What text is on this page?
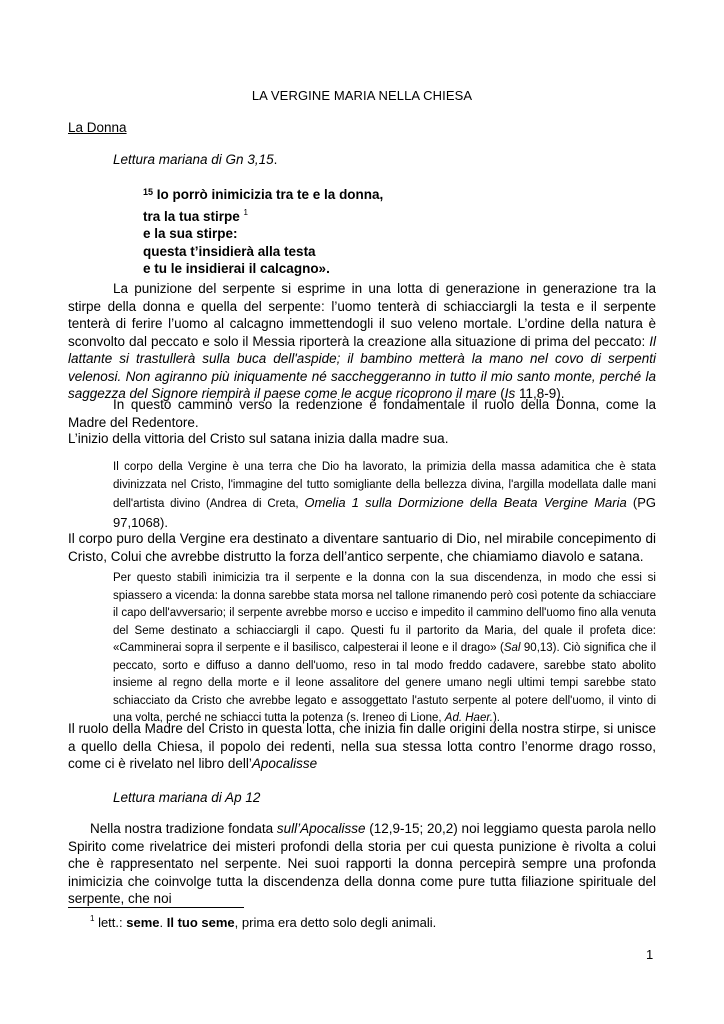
LA VERGINE MARIA NELLA CHIESA
La Donna
Lettura mariana di Gn 3,15.
$^{15}$ Io porrò inimicizia tra te e la donna,
tra la tua stirpe $^1$
e la sua stirpe:
questa t’insidierà alla testa
e tu le insidierai il calcagno».
La punizione del serpente si esprime in una lotta di generazione in generazione tra la stirpe della donna e quella del serpente: l’uomo tenterà di schiacciargli la testa e il serpente tenterà di ferire l’uomo al calcagno immettendogli il suo veleno mortale. L’ordine della natura è sconvolto dal peccato e solo il Messia riporterà la creazione alla situazione di prima del peccato: Il lattante si trastullerà sulla buca dell'aspide; il bambino metterà la mano nel covo di serpenti velenosi. Non agiranno più iniquamente né saccheggeranno in tutto il mio santo monte, perché la saggezza del Signore riempirà il paese come le acque ricoprono il mare (Is 11,8-9).
In questo cammino verso la redenzione è fondamentale il ruolo della Donna, come la Madre del Redentore.
L’inizio della vittoria del Cristo sul satana inizia dalla madre sua.
Il corpo della Vergine è una terra che Dio ha lavorato, la primizia della massa adamitica che è stata divinizzata nel Cristo, l'immagine del tutto somigliante della bellezza divina, l'argilla modellata dalle mani dell'artista divino (Andrea di Creta, Omelia 1 sulla Dormizione della Beata Vergine Maria (PG 97,1068).
Il corpo puro della Vergine era destinato a diventare santuario di Dio, nel mirabile concepimento di Cristo, Colui che avrebbe distrutto la forza dell’antico serpente, che chiamiamo diavolo e satana.
Per questo stabilì inimicizia tra il serpente e la donna con la sua discendenza, in modo che essi si spiassero a vicenda: la donna sarebbe stata morsa nel tallone rimanendo però così potente da schiacciare il capo dell'avversario; il serpente avrebbe morso e ucciso e impedito il cammino dell'uomo fino alla venuta del Seme destinato a schiacciargli il capo. Questi fu il partorito da Maria, del quale il profeta dice: «Camminerai sopra il serpente e il basilisco, calpesterai il leone e il drago» (Sal 90,13). Ciò significa che il peccato, sorto e diffuso a danno dell'uomo, reso in tal modo freddo cadavere, sarebbe stato abolito insieme al regno della morte e il leone assalitore del genere umano negli ultimi tempi sarebbe stato schiacciato da Cristo che avrebbe legato e assoggettato l'astuto serpente al potere dell'uomo, il vinto di una volta, perché ne schiacci tutta la potenza (s. Ireneo di Lione, Ad. Haer.).
Il ruolo della Madre del Cristo in questa lotta, che inizia fin dalle origini della nostra stirpe, si unisce a quello della Chiesa, il popolo dei redenti, nella sua stessa lotta contro l’enorme drago rosso, come ci è rivelato nel libro dell’Apocalisse
Lettura mariana di Ap 12
Nella nostra tradizione fondata sull’Apocalisse (12,9-15; 20,2) noi leggiamo questa parola nello Spirito come rivelatrice dei misteri profondi della storia per cui questa punizione è rivolta a colui che è rappresentato nel serpente. Nei suoi rapporti la donna percepirà sempre una profonda inimicizia che coinvolge tutta la discendenza della donna come pure tutta filiazione spirituale del serpente, che noi
$^1$ lett.: seme. Il tuo seme, prima era detto solo degli animali.
1
